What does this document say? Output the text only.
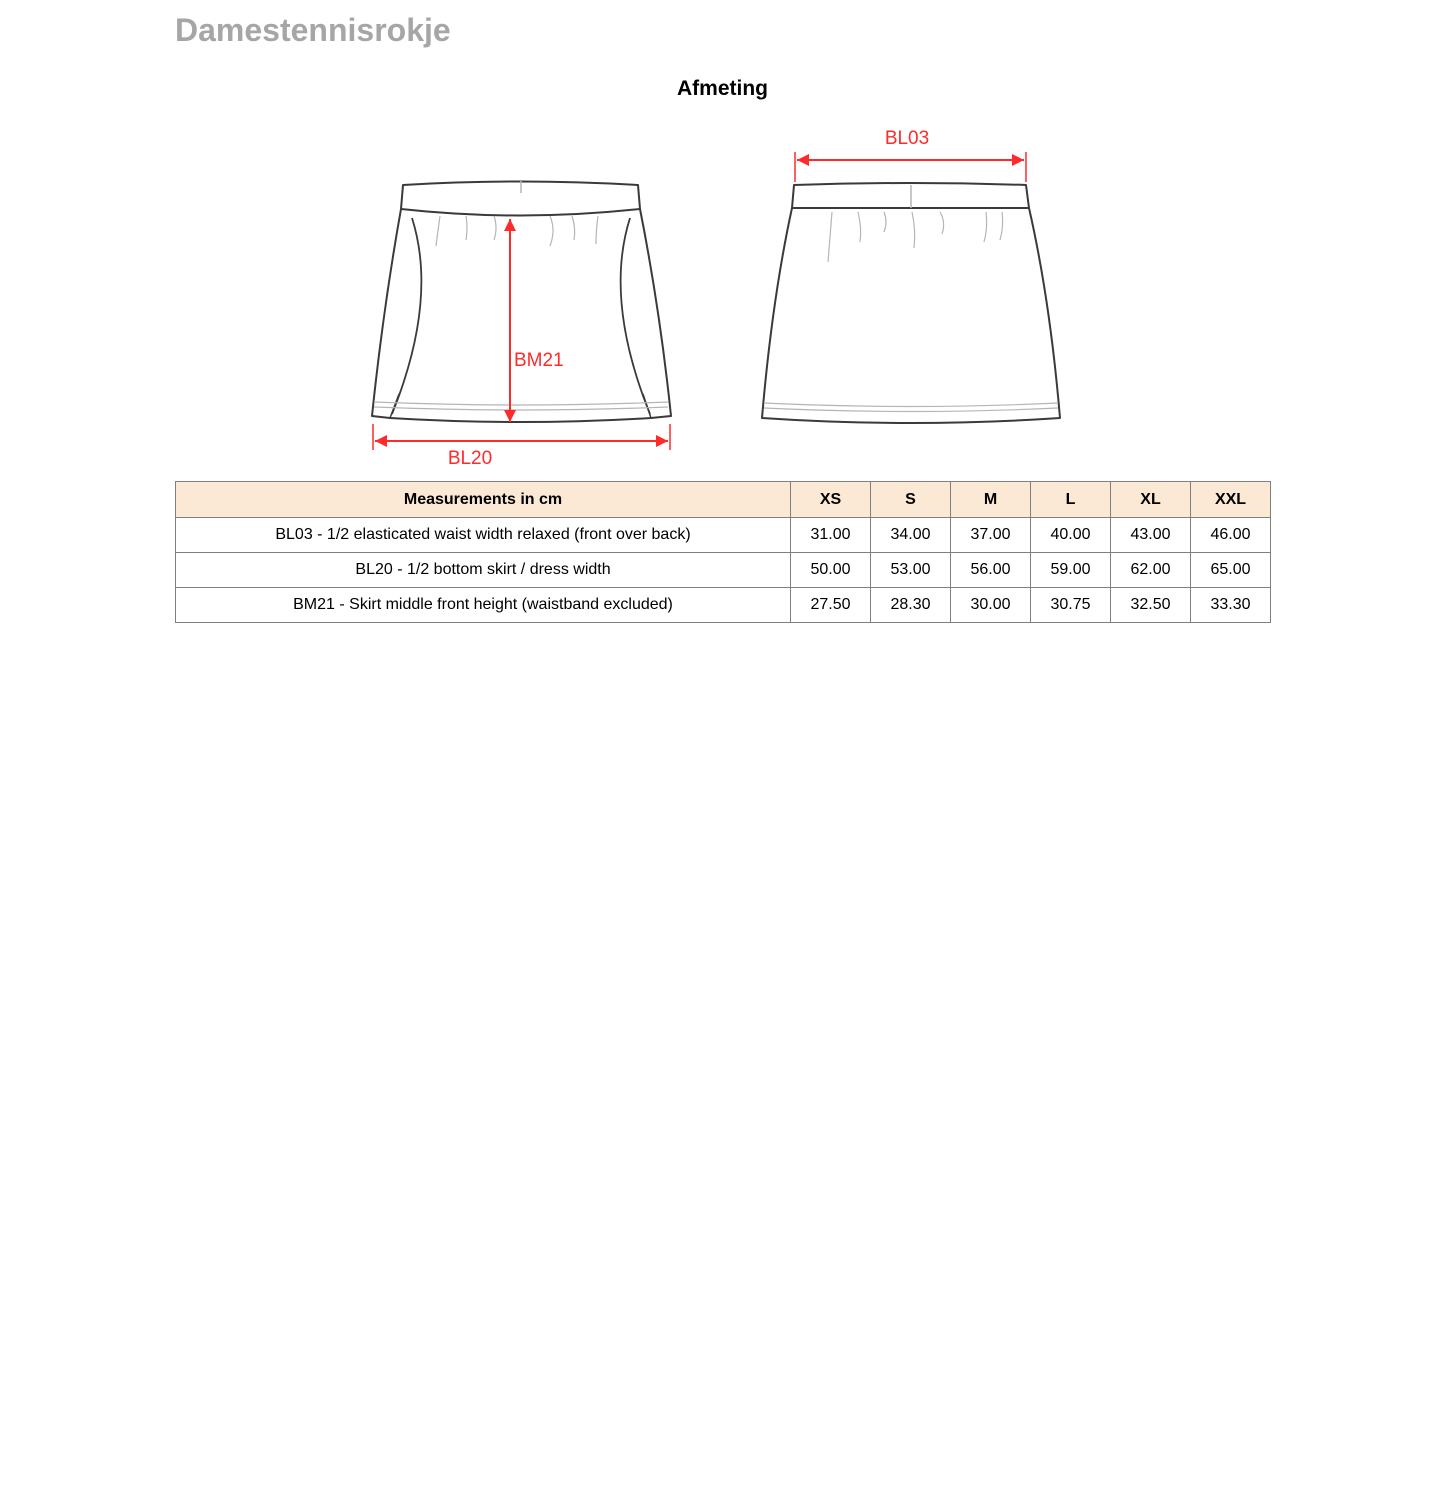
Damestennisrokje
Afmeting
BL03
BL20
BM21
Measurements in cm	XS	S	M	L	XL	XXL
BL03 - 1/2 elasticated waist width relaxed (front over back)	31.00	34.00	37.00	40.00	43.00	46.00
BL20 - 1/2 bottom skirt / dress width	50.00	53.00	56.00	59.00	62.00	65.00
BM21 - Skirt middle front height (waistband excluded)	27.50	28.30	30.00	30.75	32.50	33.30
